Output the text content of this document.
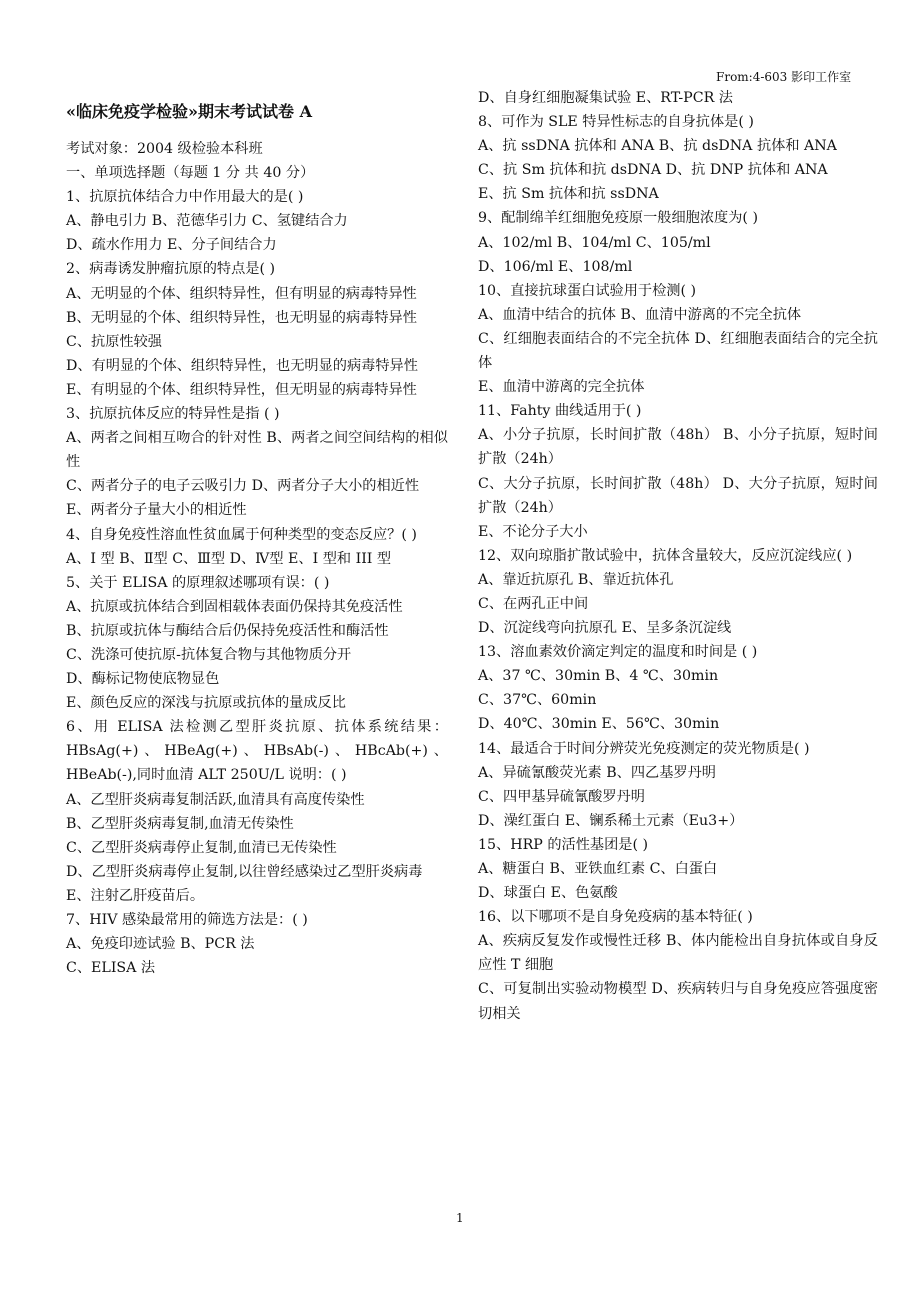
From:4-603 影印工作室

«临床免疫学检验»期末考试试卷 A

考试对象：2004 级检验本科班

一、单项选择题（每题 1 分 共 40 分）

1、抗原抗体结合力中作用最大的是( )

A、静电引力 B、范德华引力 C、氢键结合力

D、疏水作用力 E、分子间结合力

2、病毒诱发肿瘤抗原的特点是( )

A、无明显的个体、组织特异性，但有明显的病毒特异性

B、无明显的个体、组织特异性，也无明显的病毒特异性

C、抗原性较强

D、有明显的个体、组织特异性，也无明显的病毒特异性

E、有明显的个体、组织特异性，但无明显的病毒特异性

3、抗原抗体反应的特异性是指 ( )

A、两者之间相互吻合的针对性 B、两者之间空间结构的相似性

C、两者分子的电子云吸引力 D、两者分子大小的相近性

E、两者分子量大小的相近性

4、自身免疫性溶血性贫血属于何种类型的变态反应？( )

A、I 型 B、Ⅱ型 C、Ⅲ型 D、Ⅳ型 E、I 型和 III 型

5、关于 ELISA 的原理叙述哪项有误：( )

A、抗原或抗体结合到固相载体表面仍保持其免疫活性

B、抗原或抗体与酶结合后仍保持免疫活性和酶活性

C、洗涤可使抗原-抗体复合物与其他物质分开

D、酶标记物使底物显色

E、颜色反应的深浅与抗原或抗体的量成反比

6、用 ELISA 法检测乙型肝炎抗原、抗体系统结果：HBsAg(+)、HBeAg(+)、HBsAb(-)、HBcAb(+)、HBeAb(-),同时血清 ALT 250U/L 说明：( )

A、乙型肝炎病毒复制活跃,血清具有高度传染性

B、乙型肝炎病毒复制,血清无传染性

C、乙型肝炎病毒停止复制,血清已无传染性

D、乙型肝炎病毒停止复制,以往曾经感染过乙型肝炎病毒

E、注射乙肝疫苗后。

7、HIV 感染最常用的筛选方法是：( )

A、免疫印迹试验 B、PCR 法

C、ELISA 法

D、自身红细胞凝集试验 E、RT-PCR 法

8、可作为 SLE 特异性标志的自身抗体是( )

A、抗 ssDNA 抗体和 ANA B、抗 dsDNA 抗体和 ANA

C、抗 Sm 抗体和抗 dsDNA D、抗 DNP 抗体和 ANA

E、抗 Sm 抗体和抗 ssDNA

9、配制绵羊红细胞免疫原一般细胞浓度为( )

A、102/ml B、104/ml C、105/ml

D、106/ml E、108/ml

10、直接抗球蛋白试验用于检测( )

A、血清中结合的抗体 B、血清中游离的不完全抗体

C、红细胞表面结合的不完全抗体 D、红细胞表面结合的完全抗体

E、血清中游离的完全抗体

11、Fahty 曲线适用于( )

A、小分子抗原，长时间扩散（48h） B、小分子抗原，短时间扩散（24h）

C、大分子抗原，长时间扩散（48h） D、大分子抗原，短时间扩散（24h）

E、不论分子大小

12、双向琼脂扩散试验中，抗体含量较大，反应沉淀线应( )

A、靠近抗原孔 B、靠近抗体孔

C、在两孔正中间

D、沉淀线弯向抗原孔 E、呈多条沉淀线

13、溶血素效价滴定判定的温度和时间是 ( )

A、37 ℃、30min B、4 ℃、30min

C、37℃、60min

D、40℃、30min E、56℃、30min

14、最适合于时间分辨荧光免疫测定的荧光物质是( )

A、异硫氰酸荧光素 B、四乙基罗丹明

C、四甲基异硫氰酸罗丹明

D、澡红蛋白 E、镧系稀土元素（Eu3+）

15、HRP 的活性基团是( )

A、糖蛋白 B、亚铁血红素 C、白蛋白

D、球蛋白 E、色氨酸

16、以下哪项不是自身免疫病的基本特征( )

A、疾病反复发作或慢性迁移 B、体内能检出自身抗体或自身反应性 T 细胞

C、可复制出实验动物模型 D、疾病转归与自身免疫应答强度密切相关

1
